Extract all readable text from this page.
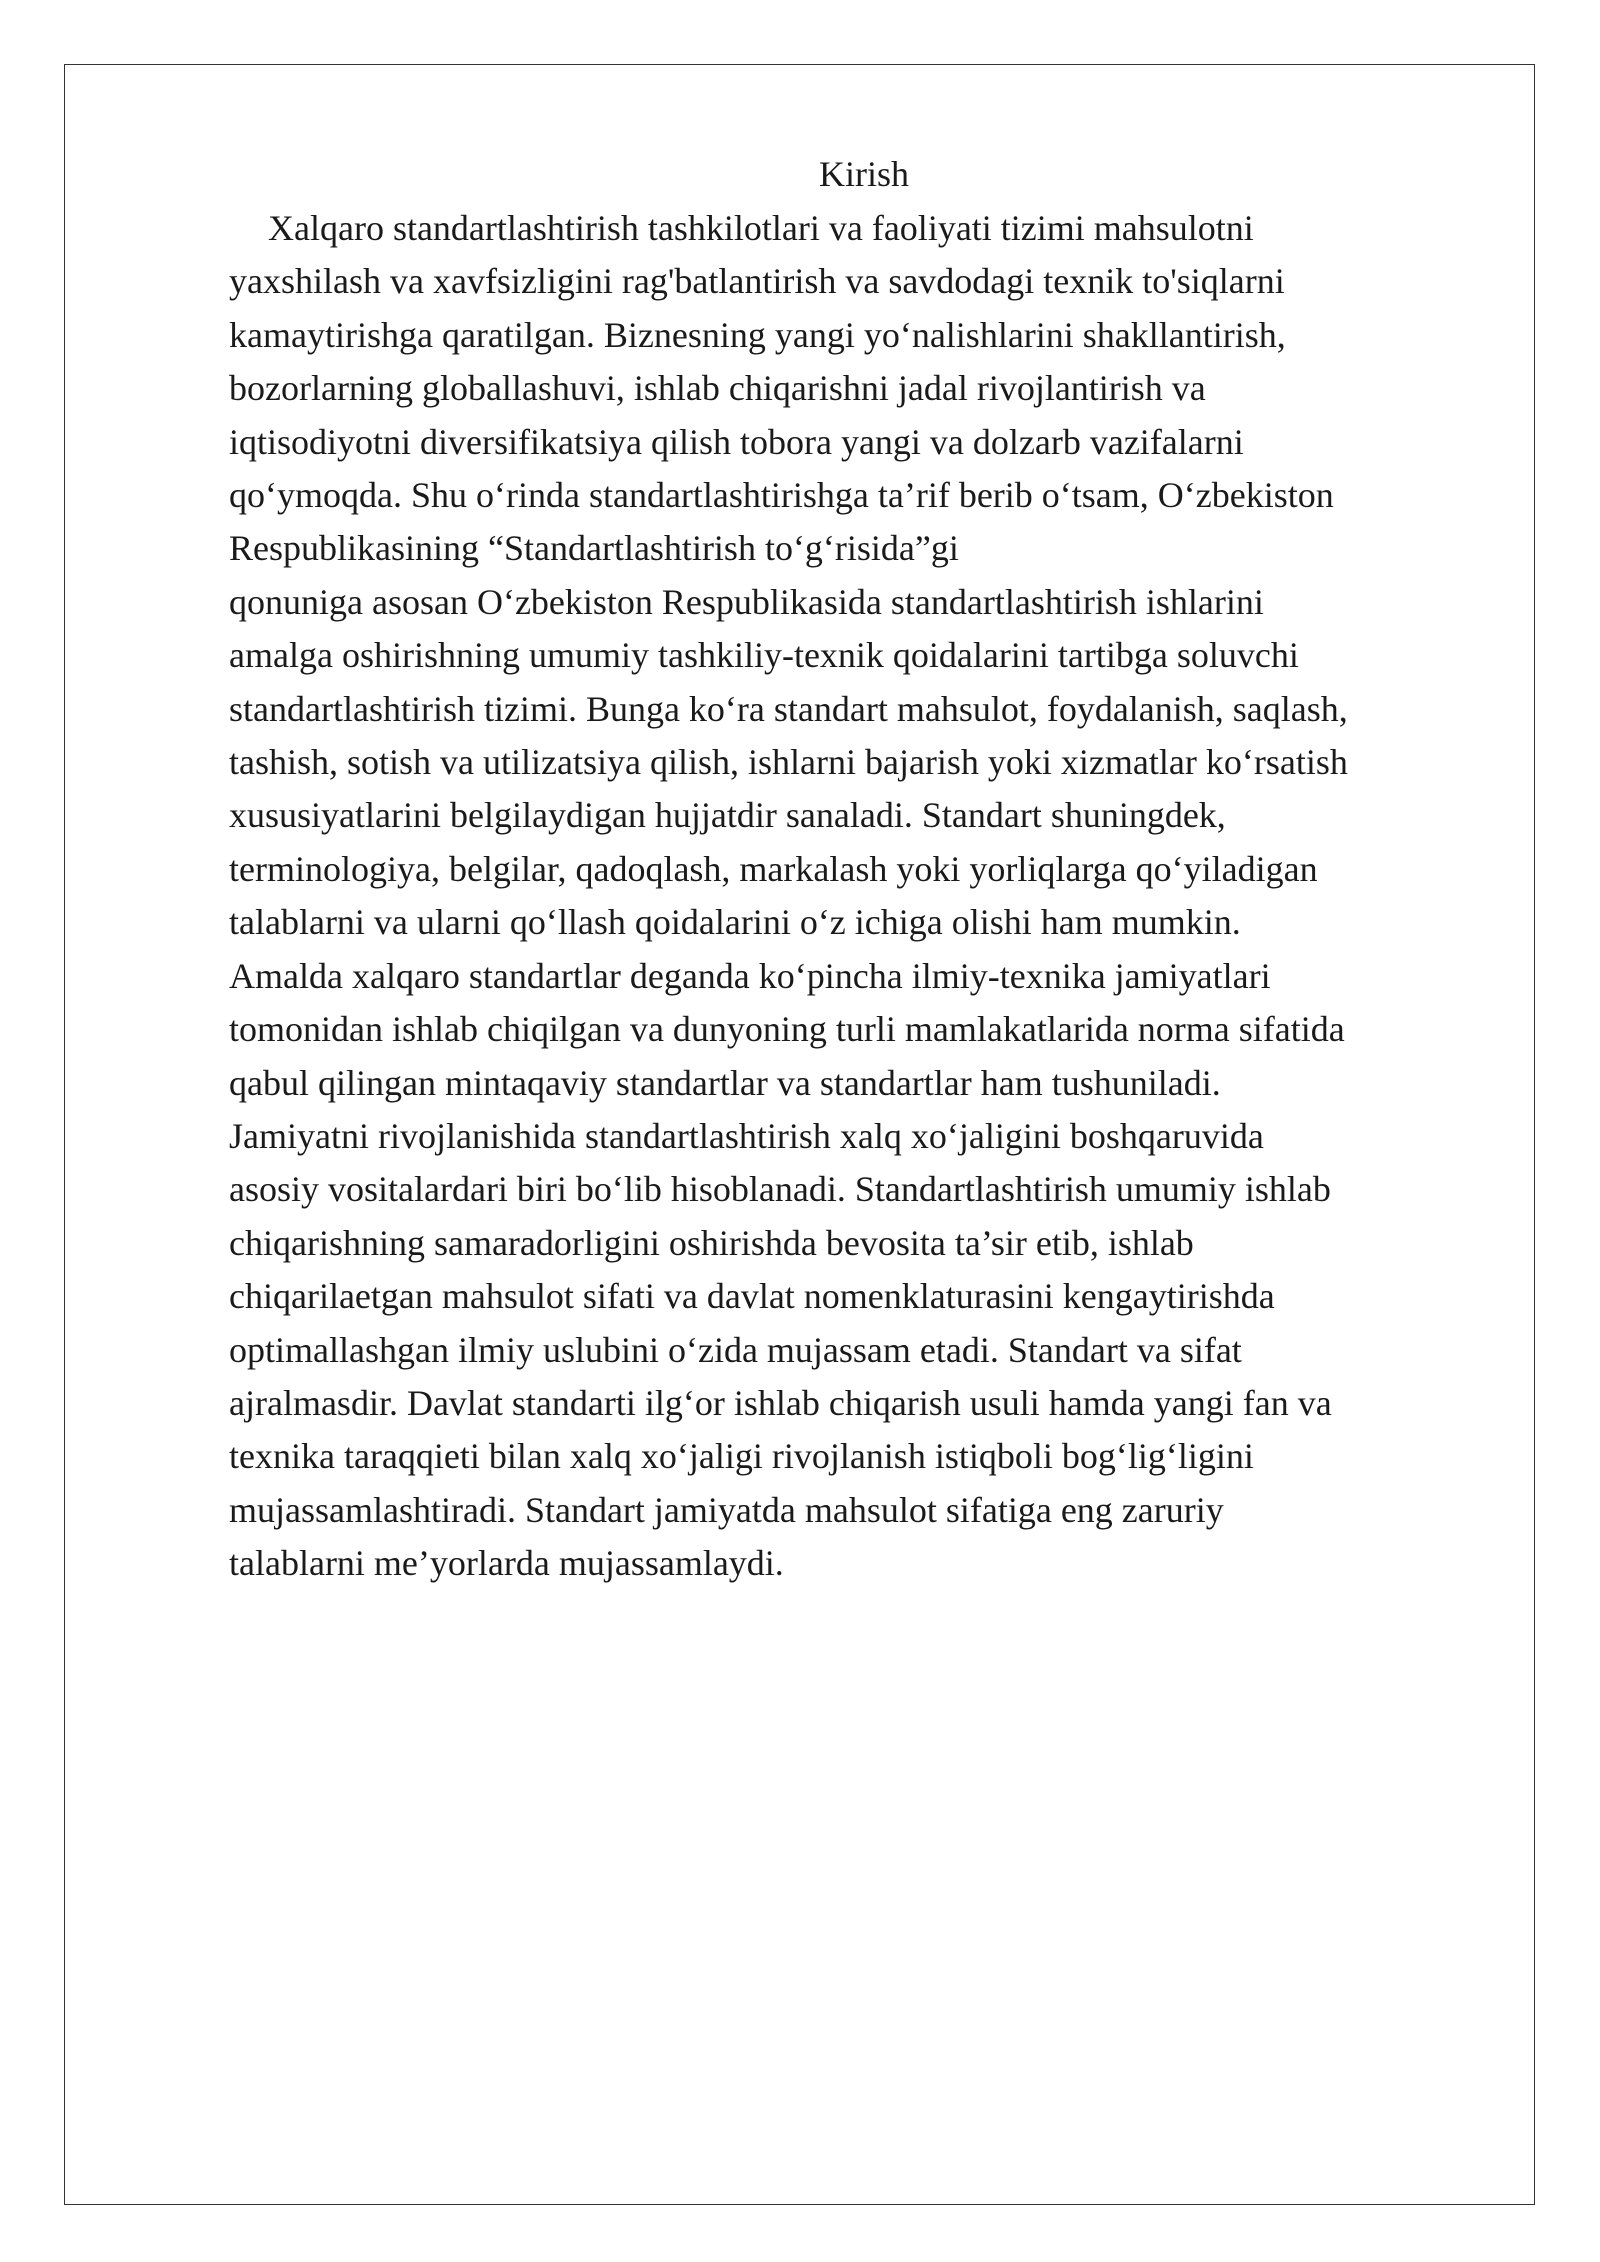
Kirish
Xalqaro standartlashtirish tashkilotlari va faoliyati tizimi mahsulotni
yaxshilash va xavfsizligini rag'batlantirish va savdodagi texnik to'siqlarni
kamaytirishga qaratilgan. Biznesning yangi yo‘nalishlarini shakllantirish,
bozorlarning globallashuvi, ishlab chiqarishni jadal rivojlantirish va
iqtisodiyotni diversifikatsiya qilish tobora yangi va dolzarb vazifalarni
qo‘ymoqda. Shu o‘rinda standartlashtirishga ta’rif berib o‘tsam, O‘zbekiston
Respublikasining “Standartlashtirish to‘g‘risida”gi
qonuniga asosan O‘zbekiston Respublikasida standartlashtirish ishlarini
amalga oshirishning umumiy tashkiliy-texnik qoidalarini tartibga soluvchi
standartlashtirish tizimi. Bunga ko‘ra standart mahsulot, foydalanish, saqlash,
tashish, sotish va utilizatsiya qilish, ishlarni bajarish yoki xizmatlar ko‘rsatish
xususiyatlarini belgilaydigan hujjatdir sanaladi. Standart shuningdek,
terminologiya, belgilar, qadoqlash, markalash yoki yorliqlarga qo‘yiladigan
talablarni va ularni qo‘llash qoidalarini o‘z ichiga olishi ham mumkin.
Amalda xalqaro standartlar deganda ko‘pincha ilmiy-texnika jamiyatlari
tomonidan ishlab chiqilgan va dunyoning turli mamlakatlarida norma sifatida
qabul qilingan mintaqaviy standartlar va standartlar ham tushuniladi.
Jamiyatni rivojlanishida standartlashtirish xalq xo‘jaligini boshqaruvida
asosiy vositalardari biri bo‘lib hisoblanadi. Standartlashtirish umumiy ishlab
chiqarishning samaradorligini oshirishda bevosita ta’sir etib, ishlab
chiqarilaetgan mahsulot sifati va davlat nomenklaturasini kengaytirishda
optimallashgan ilmiy uslubini o‘zida mujassam etadi. Standart va sifat
ajralmasdir. Davlat standarti ilg‘or ishlab chiqarish usuli hamda yangi fan va
texnika taraqqieti bilan xalq xo‘jaligi rivojlanish istiqboli bog‘lig‘ligini
mujassamlashtiradi. Standart jamiyatda mahsulot sifatiga eng zaruriy
talablarni me’yorlarda mujassamlaydi.
